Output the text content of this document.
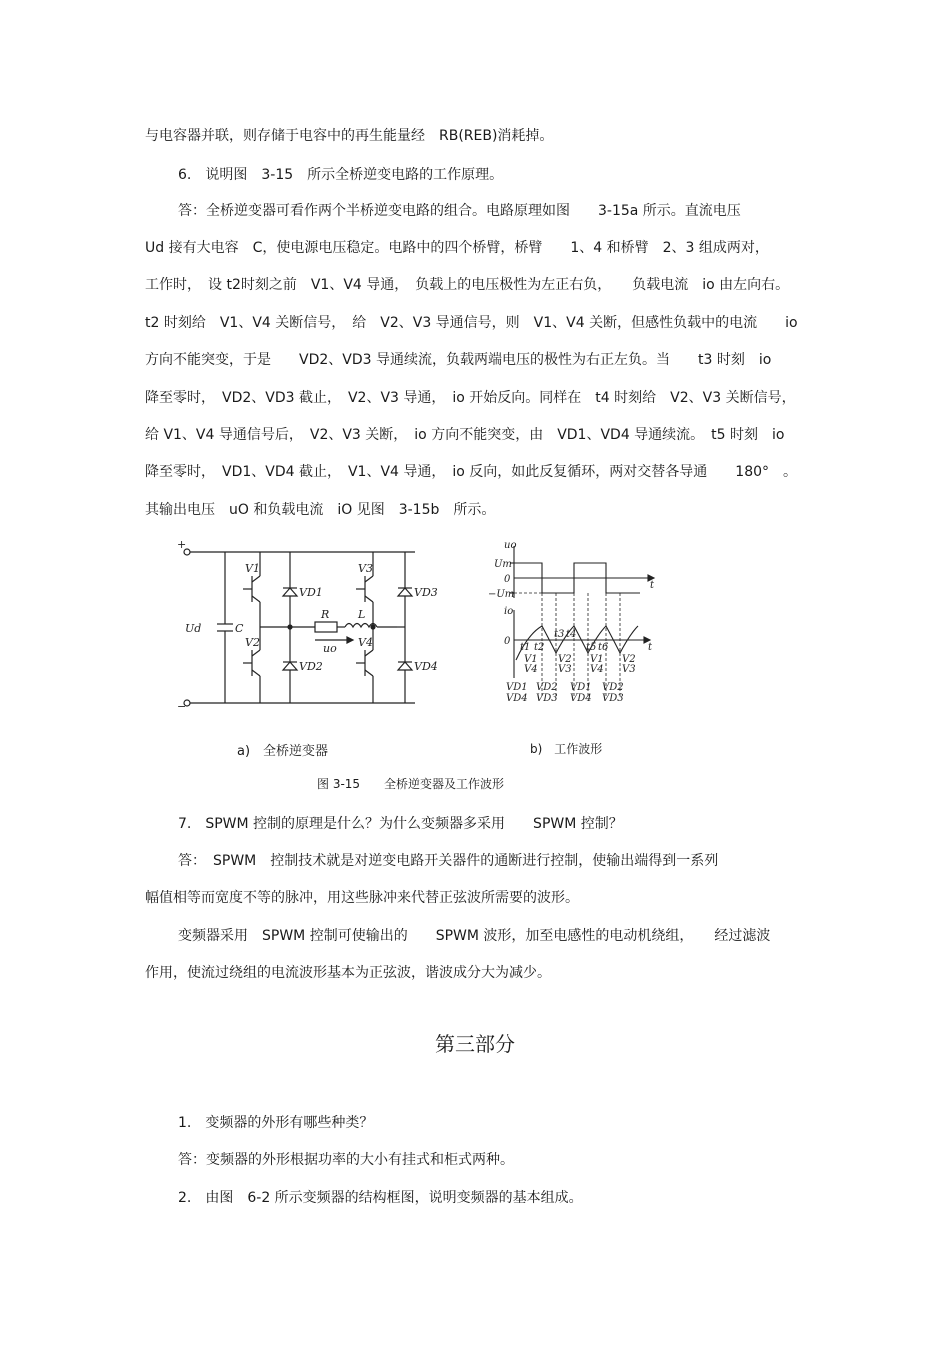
与电容器并联，则存储于电容中的再生能量经　RB(REB)消耗掉。
6.　说明图　3-15　所示全桥逆变电路的工作原理。
答：全桥逆变器可看作两个半桥逆变电路的组合。电路原理如图　　3-15a 所示。直流电压
Ud 接有大电容　C，使电源电压稳定。电路中的四个桥臂，桥臂　　1、4 和桥臂　2、3 组成两对，
工作时，　设 t2时刻之前　V1、V4 导通，　负载上的电压极性为左正右负，　　负载电流　io 由左向右。
t2 时刻给　V1、V4 关断信号，　给　V2、V3 导通信号，则　V1、V4 关断，但感性负载中的电流　　io
方向不能突变，于是　　VD2、VD3 导通续流，负载两端电压的极性为右正左负。当　　t3 时刻　io
降至零时，　VD2、VD3 截止，　V2、V3 导通，　io 开始反向。同样在　t4 时刻给　V2、V3 关断信号，
给 V1、V4 导通信号后，　V2、V3 关断，　io 方向不能突变，由　VD1、VD4 导通续流。　t5 时刻　io
降至零时，　VD1、VD4 截止，　V1、V4 导通，　io 反向，如此反复循环，两对交替各导通　　180°　。
其输出电压　uO 和负载电流　iO 见图　3-15b　所示。
+
−
Ud	C
V1
V2
V3
V4
VD1
VD2
VD3
VD4
R	L
uo
uo
Um
0
−Um
t
io
0
t
t1 t2
t3 t4
t5 t6
V1 V2 V1 V2
V4 V3 V4 V3
VD1 VD2 VD1 VD2
VD4 VD3 VD4 VD3
a)　全桥逆变器	b)　工作波形
图 3-15　　全桥逆变器及工作波形
7.　SPWM 控制的原理是什么？为什么变频器多采用　　SPWM 控制？
答：　SPWM　控制技术就是对逆变电路开关器件的通断进行控制，使输出端得到一系列
幅值相等而宽度不等的脉冲，用这些脉冲来代替正弦波所需要的波形。
变频器采用　SPWM 控制可使输出的　　SPWM 波形，加至电感性的电动机绕组，　　经过滤波
作用，使流过绕组的电流波形基本为正弦波，谐波成分大为减少。
第三部分
1.　变频器的外形有哪些种类？
答：变频器的外形根据功率的大小有挂式和柜式两种。
2.　由图　6-2 所示变频器的结构框图，说明变频器的基本组成。
